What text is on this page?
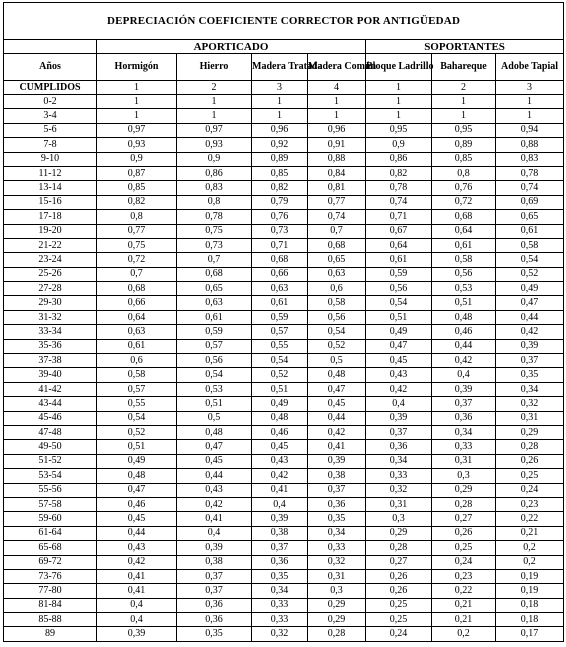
DEPRECIACIÓN COEFICIENTE CORRECTOR POR ANTIGÜEDAD							
	APORTICADO				SOPORTANTES		
Años	Hormigón	Hierro	Madera Tratada	Madera Común	Bloque Ladrillo	Bahareque	Adobe Tapial
CUMPLIDOS	1	2	3	4	1	2	3
0-2	1	1	1	1	1	1	1
3-4	1	1	1	1	1	1	1
5-6	0,97	0,97	0,96	0,96	0,95	0,95	0,94
7-8	0,93	0,93	0,92	0,91	0,9	0,89	0,88
9-10	0,9	0,9	0,89	0,88	0,86	0,85	0,83
11-12	0,87	0,86	0,85	0,84	0,82	0,8	0,78
13-14	0,85	0,83	0,82	0,81	0,78	0,76	0,74
15-16	0,82	0,8	0,79	0,77	0,74	0,72	0,69
17-18	0,8	0,78	0,76	0,74	0,71	0,68	0,65
19-20	0,77	0,75	0,73	0,7	0,67	0,64	0,61
21-22	0,75	0,73	0,71	0,68	0,64	0,61	0,58
23-24	0,72	0,7	0,68	0,65	0,61	0,58	0,54
25-26	0,7	0,68	0,66	0,63	0,59	0,56	0,52
27-28	0,68	0,65	0,63	0,6	0,56	0,53	0,49
29-30	0,66	0,63	0,61	0,58	0,54	0,51	0,47
31-32	0,64	0,61	0,59	0,56	0,51	0,48	0,44
33-34	0,63	0,59	0,57	0,54	0,49	0,46	0,42
35-36	0,61	0,57	0,55	0,52	0,47	0,44	0,39
37-38	0,6	0,56	0,54	0,5	0,45	0,42	0,37
39-40	0,58	0,54	0,52	0,48	0,43	0,4	0,35
41-42	0,57	0,53	0,51	0,47	0,42	0,39	0,34
43-44	0,55	0,51	0,49	0,45	0,4	0,37	0,32
45-46	0,54	0,5	0,48	0,44	0,39	0,36	0,31
47-48	0,52	0,48	0,46	0,42	0,37	0,34	0,29
49-50	0,51	0,47	0,45	0,41	0,36	0,33	0,28
51-52	0,49	0,45	0,43	0,39	0,34	0,31	0,26
53-54	0,48	0,44	0,42	0,38	0,33	0,3	0,25
55-56	0,47	0,43	0,41	0,37	0,32	0,29	0,24
57-58	0,46	0,42	0,4	0,36	0,31	0,28	0,23
59-60	0,45	0,41	0,39	0,35	0,3	0,27	0,22
61-64	0,44	0,4	0,38	0,34	0,29	0,26	0,21
65-68	0,43	0,39	0,37	0,33	0,28	0,25	0,2
69-72	0,42	0,38	0,36	0,32	0,27	0,24	0,2
73-76	0,41	0,37	0,35	0,31	0,26	0,23	0,19
77-80	0,41	0,37	0,34	0,3	0,26	0,22	0,19
81-84	0,4	0,36	0,33	0,29	0,25	0,21	0,18
85-88	0,4	0,36	0,33	0,29	0,25	0,21	0,18
89	0,39	0,35	0,32	0,28	0,24	0,2	0,17
